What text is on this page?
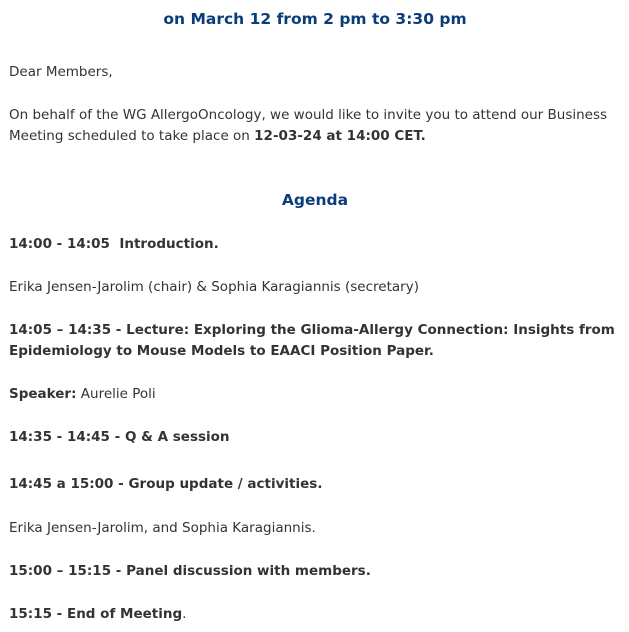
on March 12 from 2 pm to 3:30 pm
Dear Members,
On behalf of the WG AllergoOncology, we would like to invite you to attend our Business
Meeting scheduled to take place on 12-03-24 at 14:00 CET.
Agenda
14:00 - 14:05  Introduction.
Erika Jensen-Jarolim (chair) & Sophia Karagiannis (secretary)
14:05 – 14:35 - Lecture: Exploring the Glioma-Allergy Connection: Insights from
Epidemiology to Mouse Models to EAACI Position Paper.
Speaker: Aurelie Poli
14:35 - 14:45 - Q & A session
14:45 a 15:00 - Group update / activities.
Erika Jensen-Jarolim, and Sophia Karagiannis.
15:00 – 15:15 - Panel discussion with members.
15:15 - End of Meeting.
